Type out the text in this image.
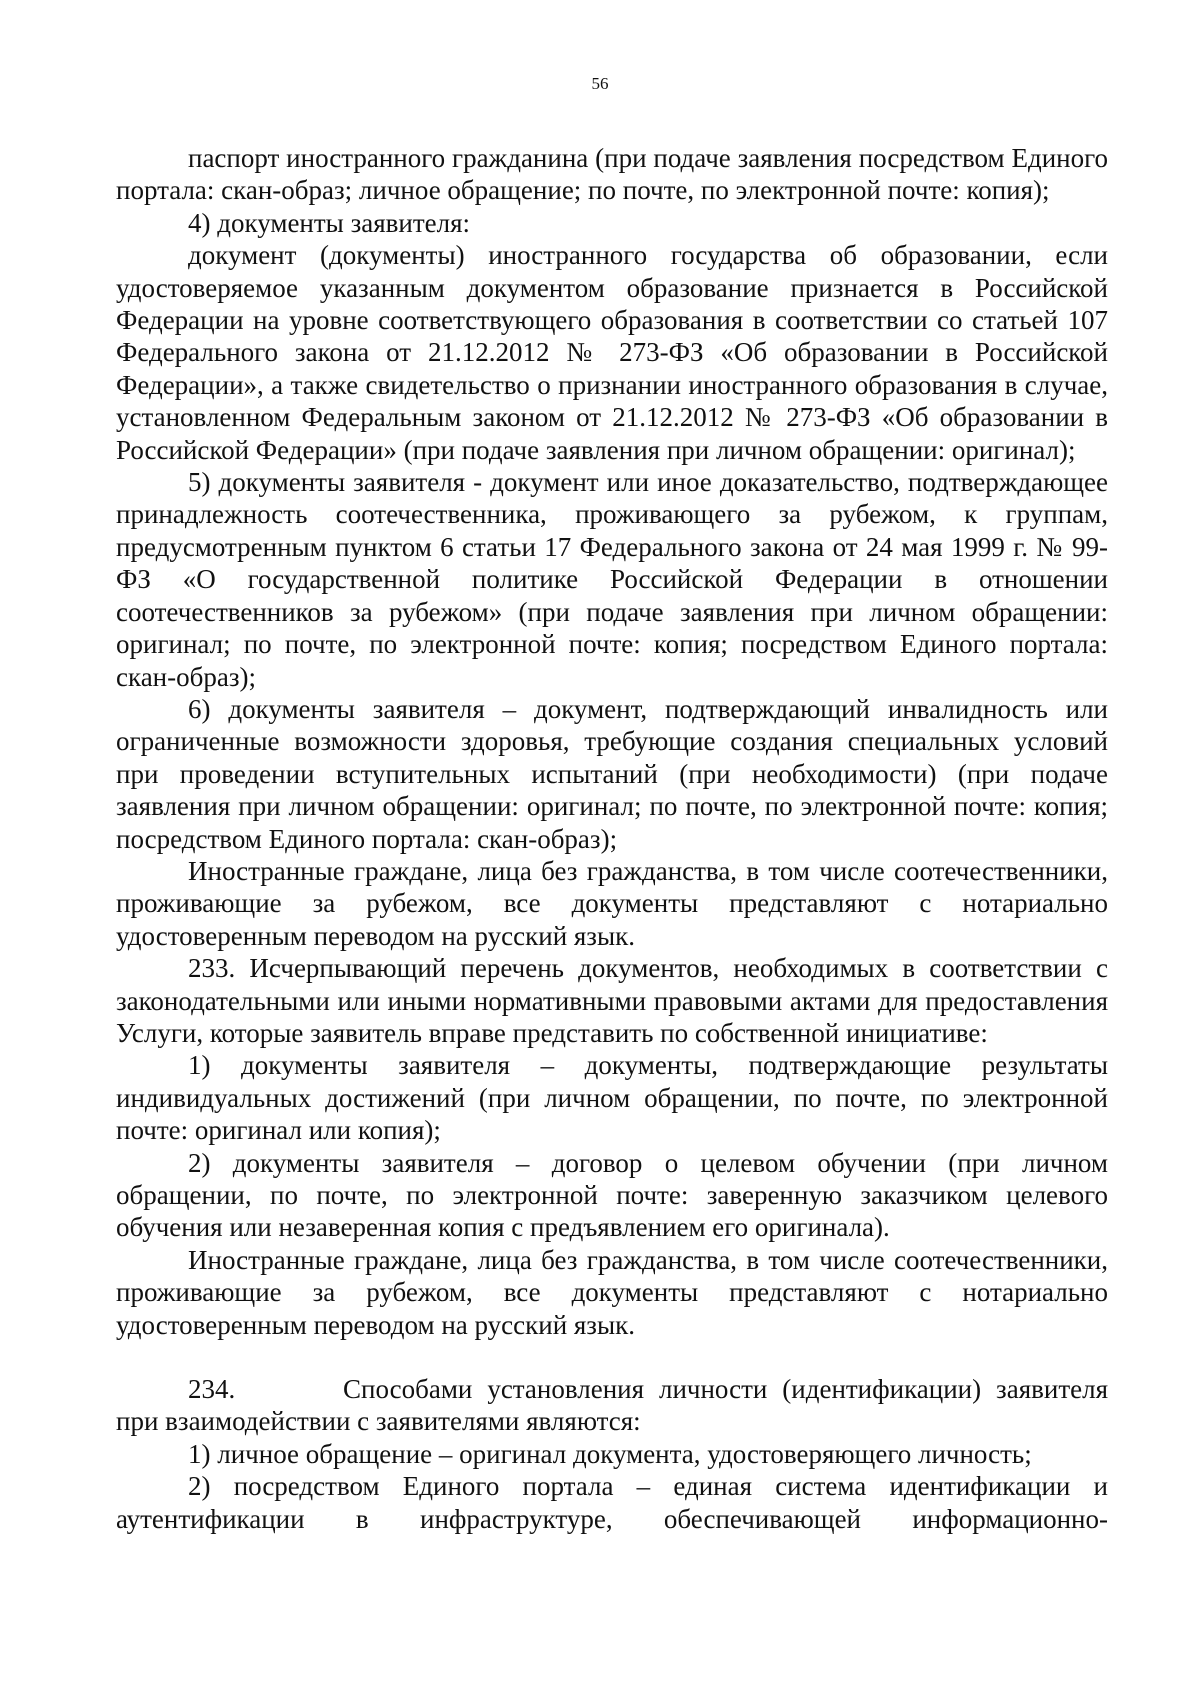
56

паспорт иностранного гражданина (при подаче заявления посредством Единого портала: скан-образ; личное обращение; по почте, по электронной почте: копия);

4) документы заявителя:

документ (документы) иностранного государства об образовании, если удостоверяемое указанным документом образование признается в Российской Федерации на уровне соответствующего образования в соответствии со статьей 107 Федерального закона от 21.12.2012 № 273-ФЗ «Об образовании в Российской Федерации», а также свидетельство о признании иностранного образования в случае, установленном Федеральным законом от 21.12.2012 № 273-ФЗ «Об образовании в Российской Федерации» (при подаче заявления при личном обращении: оригинал);

5) документы заявителя - документ или иное доказательство, подтверждающее принадлежность соотечественника, проживающего за рубежом, к группам, предусмотренным пунктом 6 статьи 17 Федерального закона от 24 мая 1999 г. № 99-ФЗ «О государственной политике Российской Федерации в отношении соотечественников за рубежом» (при подаче заявления при личном обращении: оригинал; по почте, по электронной почте: копия; посредством Единого портала: скан-образ);

6) документы заявителя – документ, подтверждающий инвалидность или ограниченные возможности здоровья, требующие создания специальных условий при проведении вступительных испытаний (при необходимости) (при подаче заявления при личном обращении: оригинал; по почте, по электронной почте: копия; посредством Единого портала: скан-образ);

Иностранные граждане, лица без гражданства, в том числе соотечественники, проживающие за рубежом, все документы представляют с нотариально удостоверенным переводом на русский язык.

233. Исчерпывающий перечень документов, необходимых в соответствии с законодательными или иными нормативными правовыми актами для предоставления Услуги, которые заявитель вправе представить по собственной инициативе:

1) документы заявителя – документы, подтверждающие результаты индивидуальных достижений (при личном обращении, по почте, по электронной почте: оригинал или копия);

2) документы заявителя – договор о целевом обучении (при личном обращении, по почте, по электронной почте: заверенную заказчиком целевого обучения или незаверенная копия с предъявлением его оригинала).

Иностранные граждане, лица без гражданства, в том числе соотечественники, проживающие за рубежом, все документы представляют с нотариально удостоверенным переводом на русский язык.

234.	Способами установления личности (идентификации) заявителя при взаимодействии с заявителями являются:

1) личное обращение – оригинал документа, удостоверяющего личность;

2) посредством Единого портала – единая система идентификации и аутентификации в инфраструктуре, обеспечивающей информационно-
